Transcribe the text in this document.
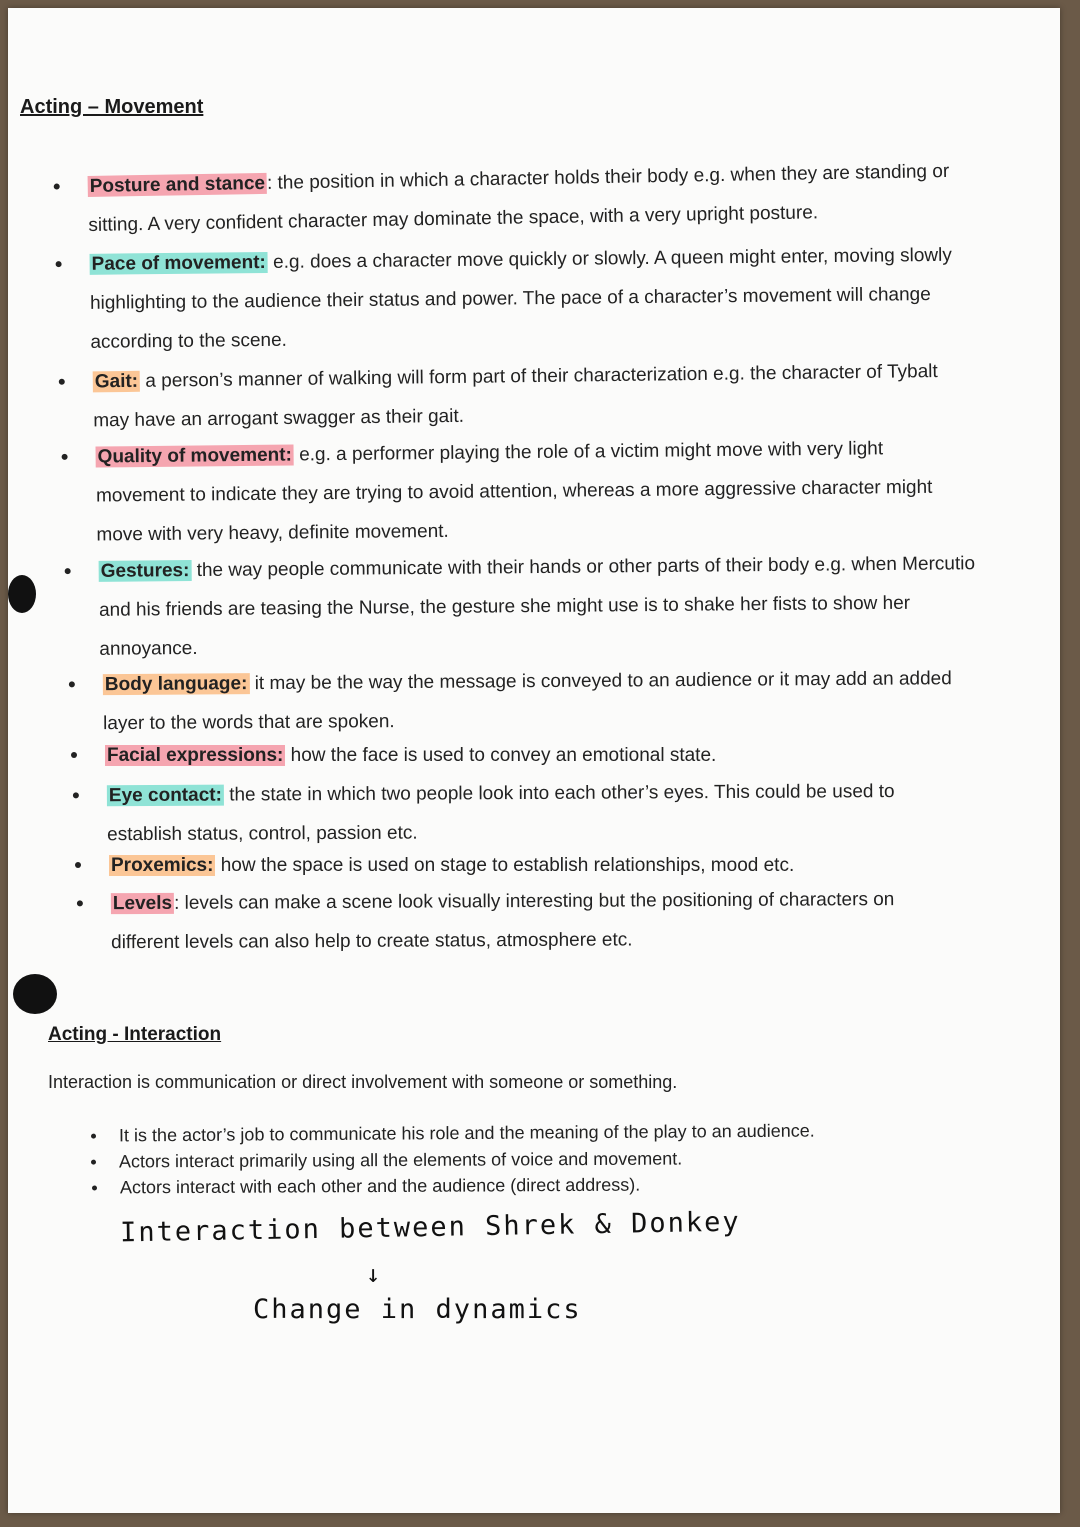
Acting – Movement
Posture and stance: the position in which a character holds their body e.g. when they are standing or sitting. A very confident character may dominate the space, with a very upright posture.
Pace of movement: e.g. does a character move quickly or slowly. A queen might enter, moving slowly highlighting to the audience their status and power. The pace of a character’s movement will change according to the scene.
Gait: a person’s manner of walking will form part of their characterization e.g. the character of Tybalt may have an arrogant swagger as their gait.
Quality of movement: e.g. a performer playing the role of a victim might move with very light movement to indicate they are trying to avoid attention, whereas a more aggressive character might move with very heavy, definite movement.
Gestures: the way people communicate with their hands or other parts of their body e.g. when Mercutio and his friends are teasing the Nurse, the gesture she might use is to shake her fists to show her annoyance.
Body language: it may be the way the message is conveyed to an audience or it may add an added layer to the words that are spoken.
Facial expressions: how the face is used to convey an emotional state.
Eye contact: the state in which two people look into each other’s eyes. This could be used to establish status, control, passion etc.
Proxemics: how the space is used on stage to establish relationships, mood etc.
Levels: levels can make a scene look visually interesting but the positioning of characters on different levels can also help to create status, atmosphere etc.
Acting - Interaction
Interaction is communication or direct involvement with someone or something.
It is the actor’s job to communicate his role and the meaning of the play to an audience.
Actors interact primarily using all the elements of voice and movement.
Actors interact with each other and the audience (direct address).
Interaction between Shrek & Donkey
↓
Change in dynamics
